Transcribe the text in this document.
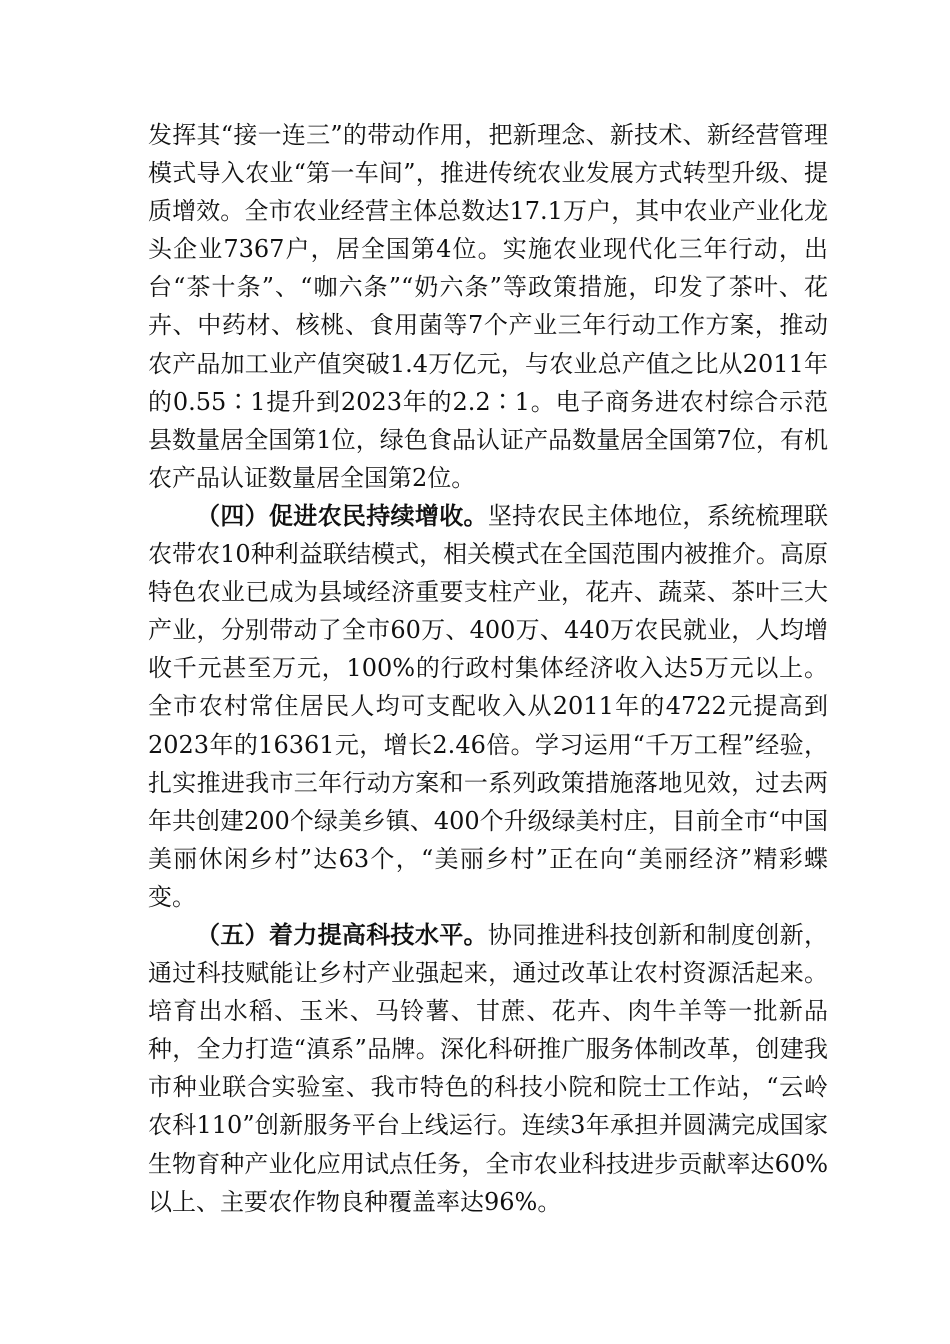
发挥其“接一连三”的带动作用，把新理念、新技术、新经营管理模式导入农业“第一车间”，推进传统农业发展方式转型升级、提质增效。全市农业经营主体总数达17.1万户，其中农业产业化龙头企业7367户，居全国第4位。实施农业现代化三年行动，出台“茶十条”、“咖六条”“奶六条”等政策措施，印发了茶叶、花卉、中药材、核桃、食用菌等7个产业三年行动工作方案，推动农产品加工业产值突破1.4万亿元，与农业总产值之比从2011年的0.55∶1提升到2023年的2.2∶1。电子商务进农村综合示范县数量居全国第1位，绿色食品认证产品数量居全国第7位，有机农产品认证数量居全国第2位。

（四）促进农民持续增收。坚持农民主体地位，系统梳理联农带农10种利益联结模式，相关模式在全国范围内被推介。高原特色农业已成为县域经济重要支柱产业，花卉、蔬菜、茶叶三大产业，分别带动了全市60万、400万、440万农民就业，人均增收千元甚至万元，100%的行政村集体经济收入达5万元以上。全市农村常住居民人均可支配收入从2011年的4722元提高到2023年的16361元，增长2.46倍。学习运用“千万工程”经验，扎实推进我市三年行动方案和一系列政策措施落地见效，过去两年共创建200个绿美乡镇、400个升级绿美村庄，目前全市“中国美丽休闲乡村”达63个，“美丽乡村”正在向“美丽经济”精彩蝶变。

（五）着力提高科技水平。协同推进科技创新和制度创新，通过科技赋能让乡村产业强起来，通过改革让农村资源活起来。培育出水稻、玉米、马铃薯、甘蔗、花卉、肉牛羊等一批新品种，全力打造“滇系”品牌。深化科研推广服务体制改革，创建我市种业联合实验室、我市特色的科技小院和院士工作站，“云岭农科110”创新服务平台上线运行。连续3年承担并圆满完成国家生物育种产业化应用试点任务，全市农业科技进步贡献率达60%以上、主要农作物良种覆盖率达96%。
